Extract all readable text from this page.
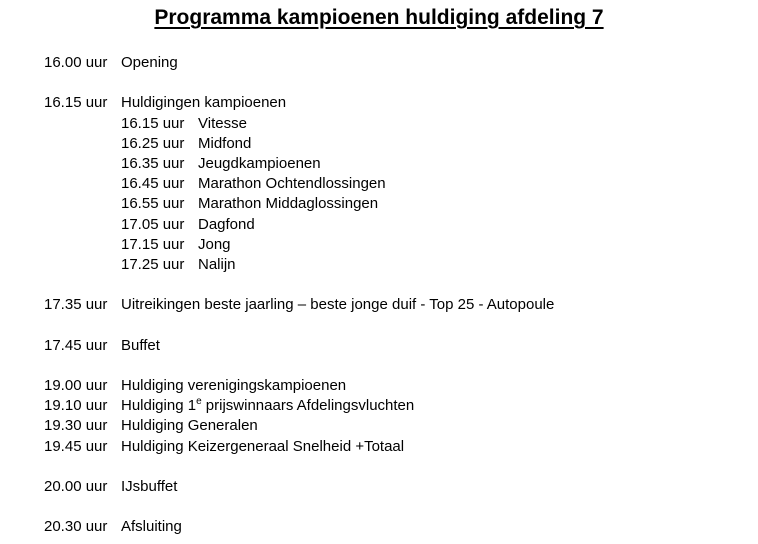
Programma kampioenen huldiging afdeling 7
16.00 uur Opening
16.15 uur Huldigingen kampioenen
16.15 uur Vitesse
16.25 uur Midfond
16.35 uur Jeugdkampioenen
16.45 uur Marathon Ochtendlossingen
16.55 uur Marathon Middaglossingen
17.05 uur Dagfond
17.15 uur Jong
17.25 uur Nalijn
17.35 uur Uitreikingen beste jaarling – beste jonge duif - Top 25 - Autopoule
17.45 uur Buffet
19.00 uur Huldiging verenigingskampioenen
19.10 uur Huldiging 1e prijswinnaars Afdelingsvluchten
19.30 uur Huldiging Generalen
19.45 uur Huldiging Keizergeneraal Snelheid +Totaal
20.00 uur IJsbuffet
20.30 uur Afsluiting
